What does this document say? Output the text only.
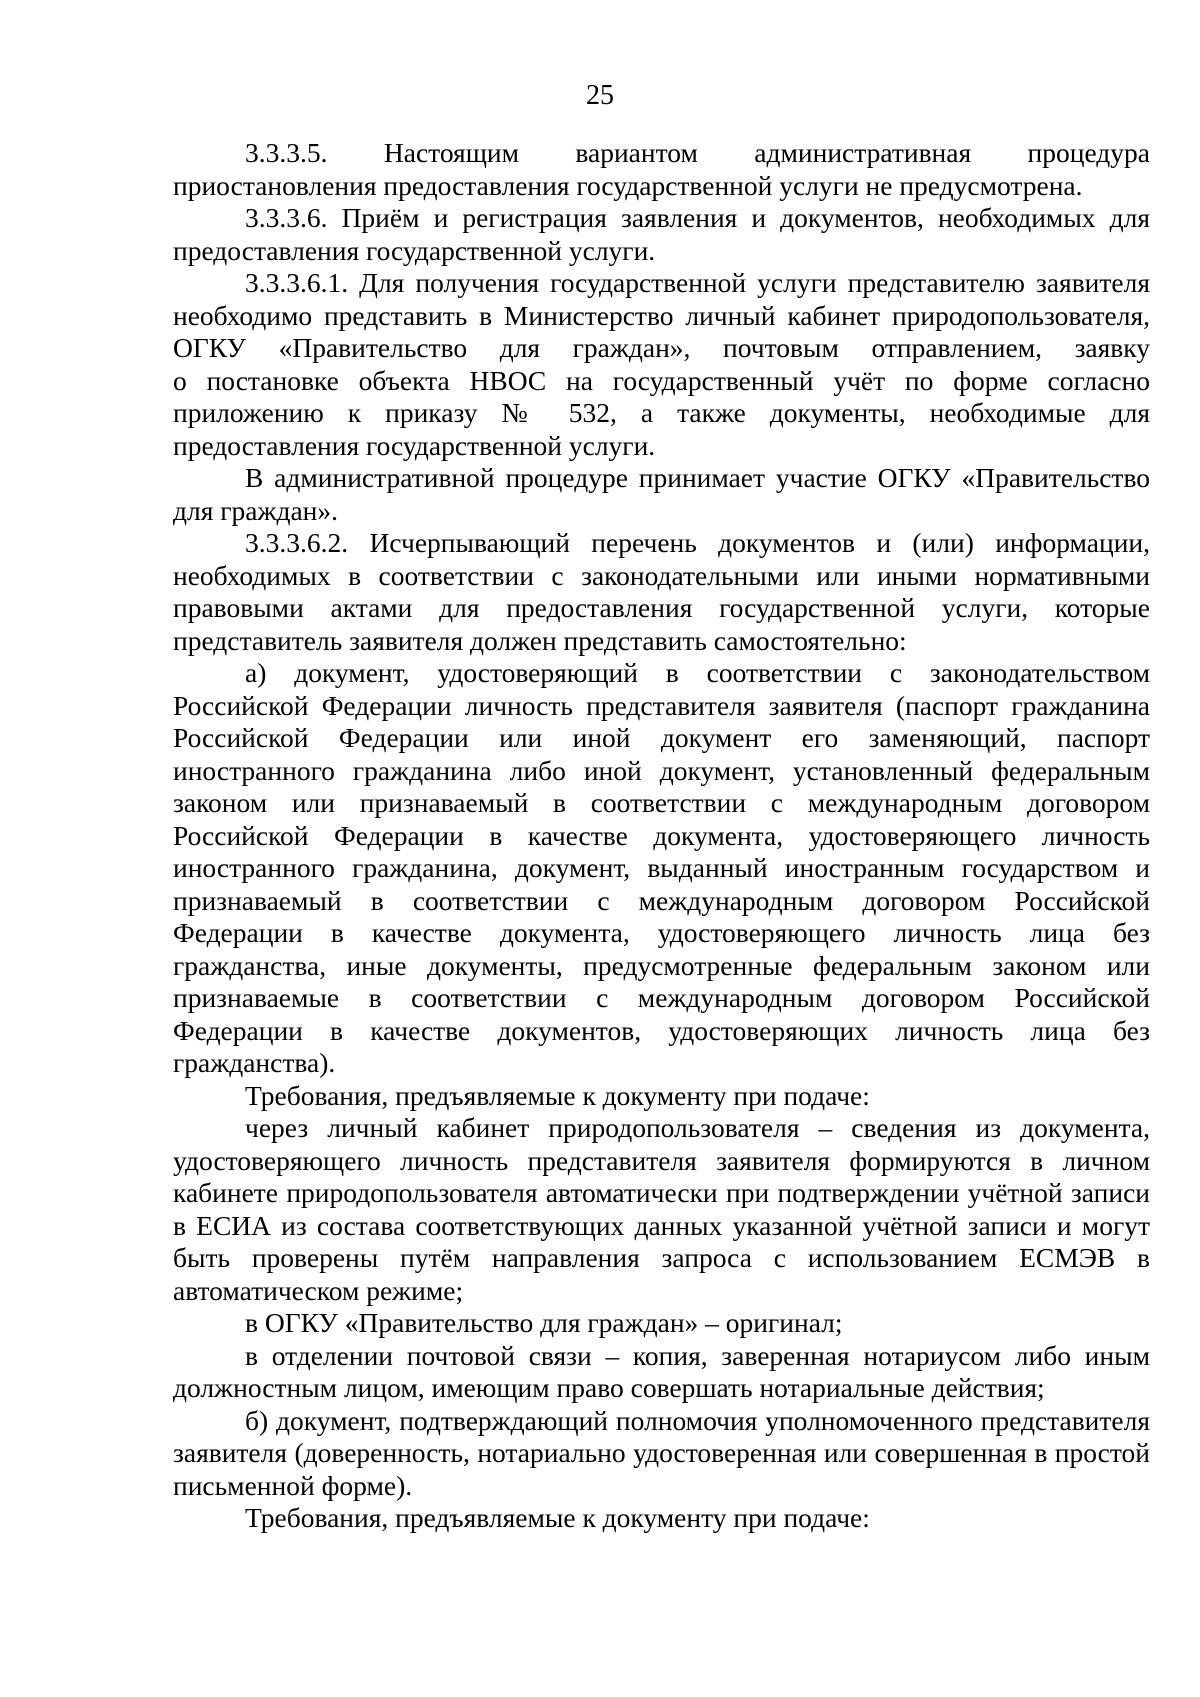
25

3.3.3.5. Настоящим вариантом административная процедура приостановления предоставления государственной услуги не предусмотрена.

3.3.3.6. Приём и регистрация заявления и документов, необходимых для предоставления государственной услуги.

3.3.3.6.1. Для получения государственной услуги представителю заявителя необходимо представить в Министерство личный кабинет природопользователя, ОГКУ «Правительство для граждан», почтовым отправлением, заявку

о постановке объекта НВОС на государственный учёт по форме согласно приложению к приказу № 532, а также документы, необходимые для предоставления государственной услуги.

В административной процедуре принимает участие ОГКУ «Правительство для граждан».

3.3.3.6.2. Исчерпывающий перечень документов и (или) информации, необходимых в соответствии с законодательными или иными нормативными правовыми актами для предоставления государственной услуги, которые представитель заявителя должен представить самостоятельно:

а) документ, удостоверяющий в соответствии с законодательством Российской Федерации личность представителя заявителя (паспорт гражданина Российской Федерации или иной документ его заменяющий, паспорт иностранного гражданина либо иной документ, установленный федеральным законом или признаваемый в соответствии с международным договором Российской Федерации в качестве документа, удостоверяющего личность иностранного гражданина, документ, выданный иностранным государством и признаваемый в соответствии с международным договором Российской Федерации в качестве документа, удостоверяющего личность лица без гражданства, иные документы, предусмотренные федеральным законом или признаваемые в соответствии с международным договором Российской Федерации в качестве документов, удостоверяющих личность лица без гражданства).

Требования, предъявляемые к документу при подаче:

через личный кабинет природопользователя – сведения из документа, удостоверяющего личность представителя заявителя формируются в личном кабинете природопользователя автоматически при подтверждении учётной записи в ЕСИА из состава соответствующих данных указанной учётной записи и могут быть проверены путём направления запроса с использованием ЕСМЭВ в автоматическом режиме;

в ОГКУ «Правительство для граждан» – оригинал;

в отделении почтовой связи – копия, заверенная нотариусом либо иным должностным лицом, имеющим право совершать нотариальные действия;

б) документ, подтверждающий полномочия уполномоченного представителя заявителя (доверенность, нотариально удостоверенная или совершенная в простой письменной форме).

Требования, предъявляемые к документу при подаче:
